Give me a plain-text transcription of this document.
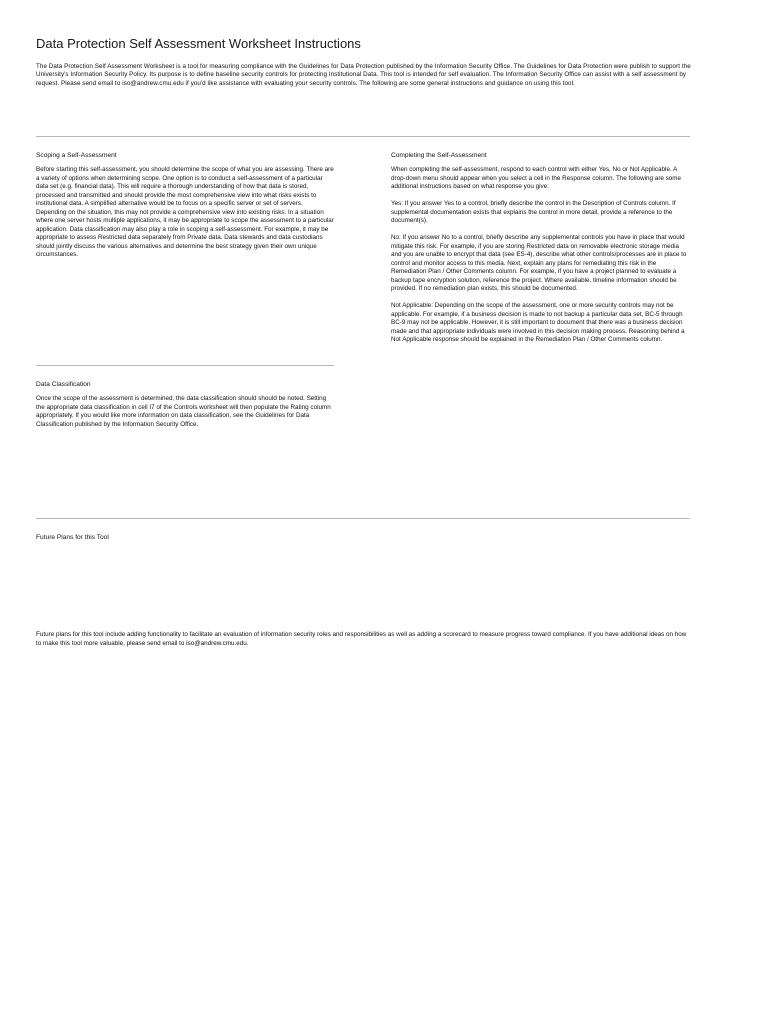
Data Protection Self Assessment Worksheet Instructions
The Data Protection Self Assessment Worksheet is a tool for measuring compliance with the Guidelines for Data Protection published by the Information Security Office. The Guidelines for Data Protection were publish to support the University's Information Security Policy. Its purpose is to define baseline security controls for protecting Institutional Data. This tool is intended for self evaluation. The Information Security Office can assist with a self assessment by request. Please send email to iso@andrew.cmu.edu if you'd like assistance with evaluating your security controls. The following are some general instructions and guidance on using this tool.
Scoping a Self-Assessment
Before starting this self-assessment, you should determine the scope of what you are assessing. There are a variety of options when determining scope. One option is to conduct a self-assessment of a particular data set (e.g. financial data). This will require a thorough understanding of how that data is stored, processed and transmitted and should provide the most comprehensive view into what risks exists to institutional data. A simplified alternative would be to focus on a specific server or set of servers. Depending on the situation, this may not provide a comprehensive view into existing risks. In a situation where one server hosts multiple applications, it may be appropriate to scope the assessment to a particular application. Data classification may also play a role in scoping a self-assessment. For example, it may be appropriate to assess Restricted data separately from Private data. Data stewards and data custodians should jointly discuss the various alternatives and determine the best strategy given their own unique circumstances.
Data Classification
Once the scope of the assessment is determined, the data classification should should be noted. Setting the appropriate data classification in cell I7 of the Controls worksheet will then populate the Rating column appropriately. If you would like more information on data classification, see the Guidelines for Data Classification published by the Information Security Office.
Completing the Self-Assessment

When completing the self-assessment, respond to each control with either Yes, No or Not Applicable. A drop-down menu should appear when you select a cell in the Response column. The following are some additional instructions based on what response you give:

Yes: If you answer Yes to a control, briefly describe the control in the Description of Controls column. If supplemental documentation exists that explains the control in more detail, provide a reference to the document(s).

No: If you answer No to a control, briefly describe any supplemental controls you have in place that would mitigate this risk. For example, if you are storing Restricted data on removable electronic storage media and you are unable to encrypt that data (see ES-4), describe what other controls/processes are in place to control and monitor access to this media. Next, explain any plans for remediating this risk in the Remediation Plan / Other Comments column. For example, if you have a project planned to evaluate a backup tape encryption solution, reference the project. Where available, timeline information should be provided. If no remediation plan exists, this should be documented.

Not Applicable: Depending on the scope of the assessment, one or more security controls may not be applicable. For example, if a business decision is made to not backup a particular data set, BC-5 through BC-9 may not be applicable. However, it is still important to document that there was a business decision made and that appropriate individuals were involved in this decision making process. Reasoning behind a Not Applicable response should be explained in the Remediation Plan / Other Comments column.

Future Plans for this Tool
Future plans for this tool include adding functionality to facilitate an evaluation of information security roles and responsibilities as well as adding a scorecard to measure progress toward compliance. If you have additional ideas on how to make this tool more valuable, please send email to iso@andrew.cmu.edu.
